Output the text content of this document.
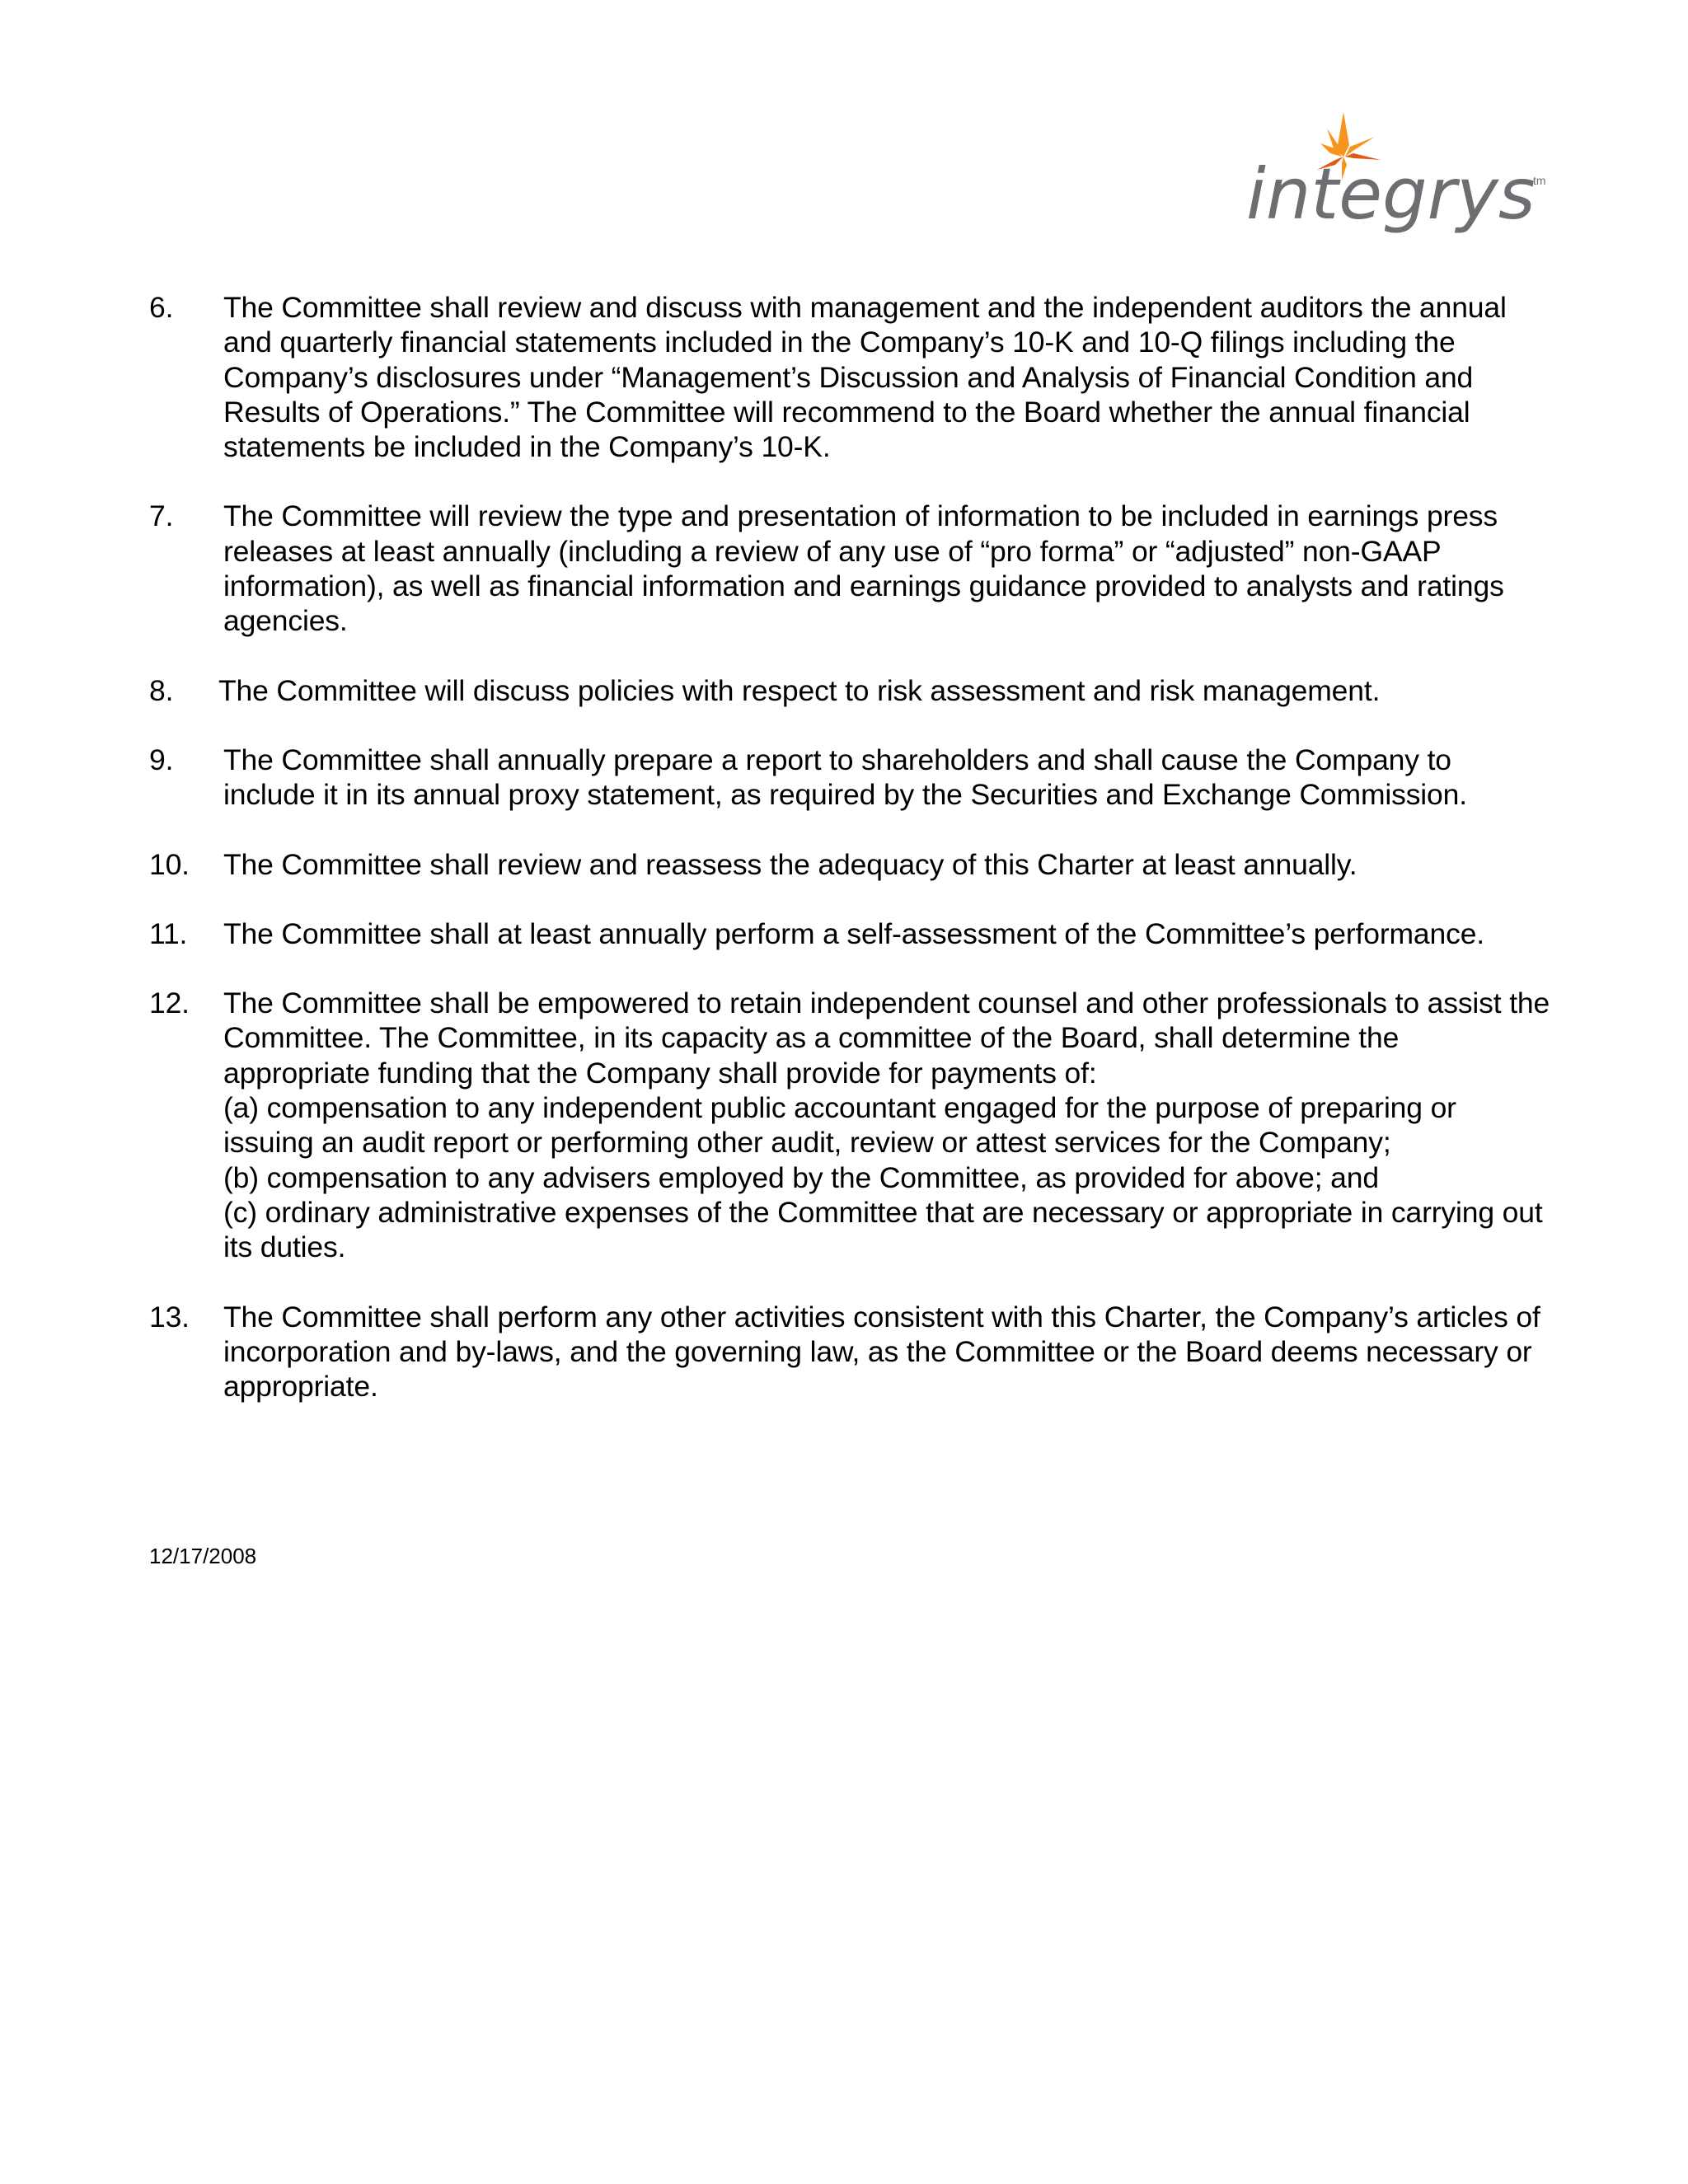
integrys
tm
6. The Committee shall review and discuss with management and the independent auditors the annual and quarterly financial statements included in the Company’s 10-K and 10-Q filings including the Company’s disclosures under “Management’s Discussion and Analysis of Financial Condition and Results of Operations.” The Committee will recommend to the Board whether the annual financial statements be included in the Company’s 10-K.

7. The Committee will review the type and presentation of information to be included in earnings press releases at least annually (including a review of any use of “pro forma” or “adjusted” non-GAAP information), as well as financial information and earnings guidance provided to analysts and ratings agencies.

8. The Committee will discuss policies with respect to risk assessment and risk management.

9. The Committee shall annually prepare a report to shareholders and shall cause the Company to include it in its annual proxy statement, as required by the Securities and Exchange Commission.

10. The Committee shall review and reassess the adequacy of this Charter at least annually.

11. The Committee shall at least annually perform a self-assessment of the Committee’s performance.

12. The Committee shall be empowered to retain independent counsel and other professionals to assist the Committee. The Committee, in its capacity as a committee of the Board, shall determine the appropriate funding that the Company shall provide for payments of:

(a) compensation to any independent public accountant engaged for the purpose of preparing or issuing an audit report or performing other audit, review or attest services for the Company;

(b) compensation to any advisers employed by the Committee, as provided for above; and

(c) ordinary administrative expenses of the Committee that are necessary or appropriate in carrying out its duties.

13. The Committee shall perform any other activities consistent with this Charter, the Company’s articles of incorporation and by-laws, and the governing law, as the Committee or the Board deems necessary or appropriate.

12/17/2008
